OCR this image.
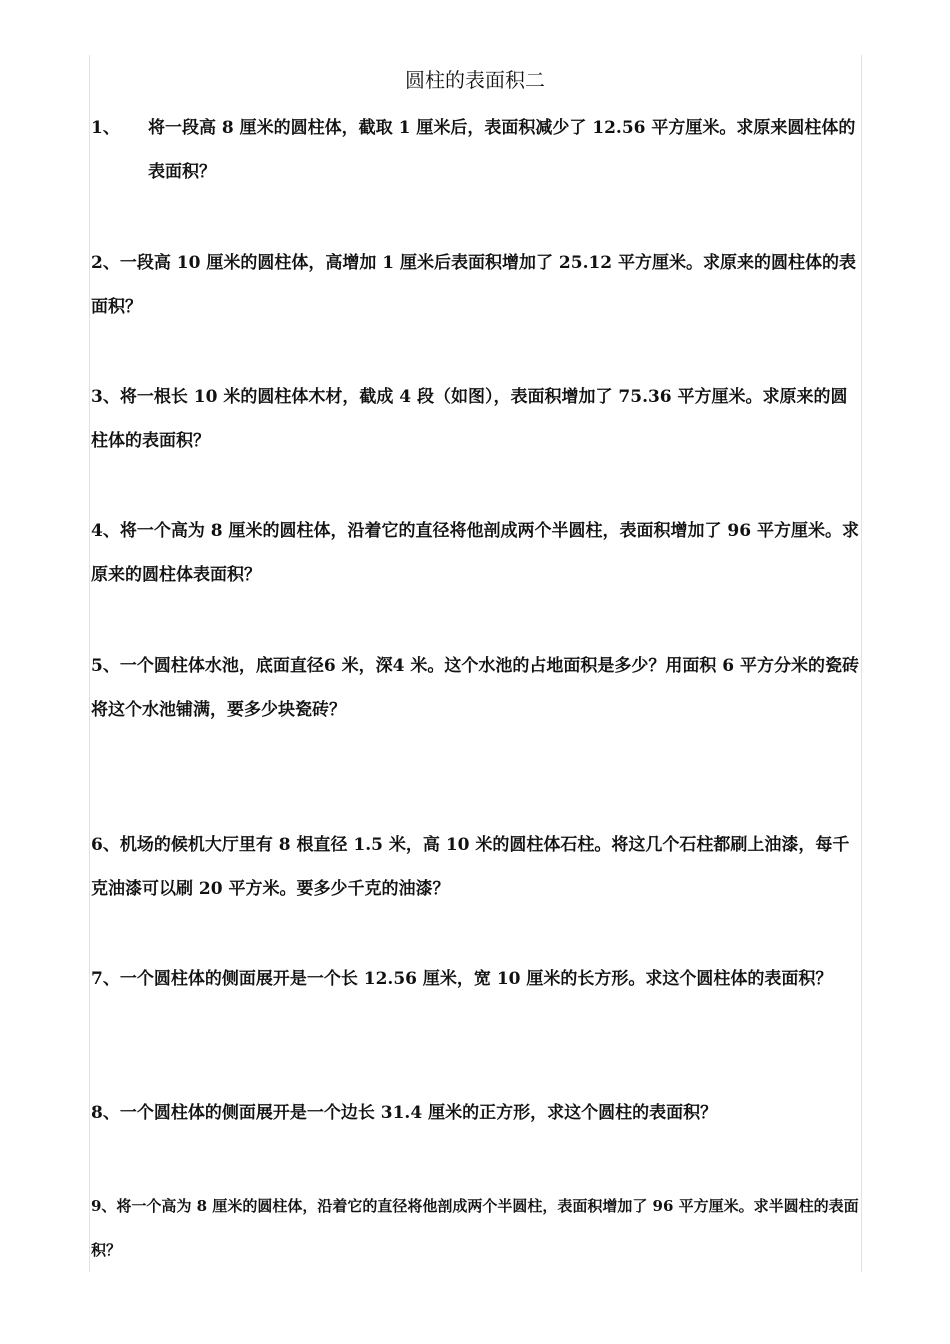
圆柱的表面积二
1、 将一段高 8 厘米的圆柱体，截取 1 厘米后，表面积减少了 12.56 平方厘米。求原来圆柱体的表面积？
2、一段高 10 厘米的圆柱体，高增加 1 厘米后表面积增加了 25.12 平方厘米。求原来的圆柱体的表面积？
3、将一根长 10 米的圆柱体木材，截成 4 段（如图），表面积增加了 75.36 平方厘米。求原来的圆柱体的表面积？
4、将一个高为 8 厘米的圆柱体，沿着它的直径将他剖成两个半圆柱，表面积增加了 96 平方厘米。求原来的圆柱体表面积？
5、一个圆柱体水池，底面直径6 米，深4 米。这个水池的占地面积是多少？用面积 6 平方分米的瓷砖将这个水池铺满，要多少块瓷砖？
6、机场的候机大厅里有 8 根直径 1.5 米，高 10 米的圆柱体石柱。将这几个石柱都刷上油漆，每千克油漆可以刷 20 平方米。要多少千克的油漆？
7、一个圆柱体的侧面展开是一个长 12.56 厘米，宽 10 厘米的长方形。求这个圆柱体的表面积？
8、一个圆柱体的侧面展开是一个边长 31.4 厘米的正方形，求这个圆柱的表面积？
9、将一个高为 8 厘米的圆柱体，沿着它的直径将他剖成两个半圆柱，表面积增加了 96 平方厘米。求半圆柱的表面积？
